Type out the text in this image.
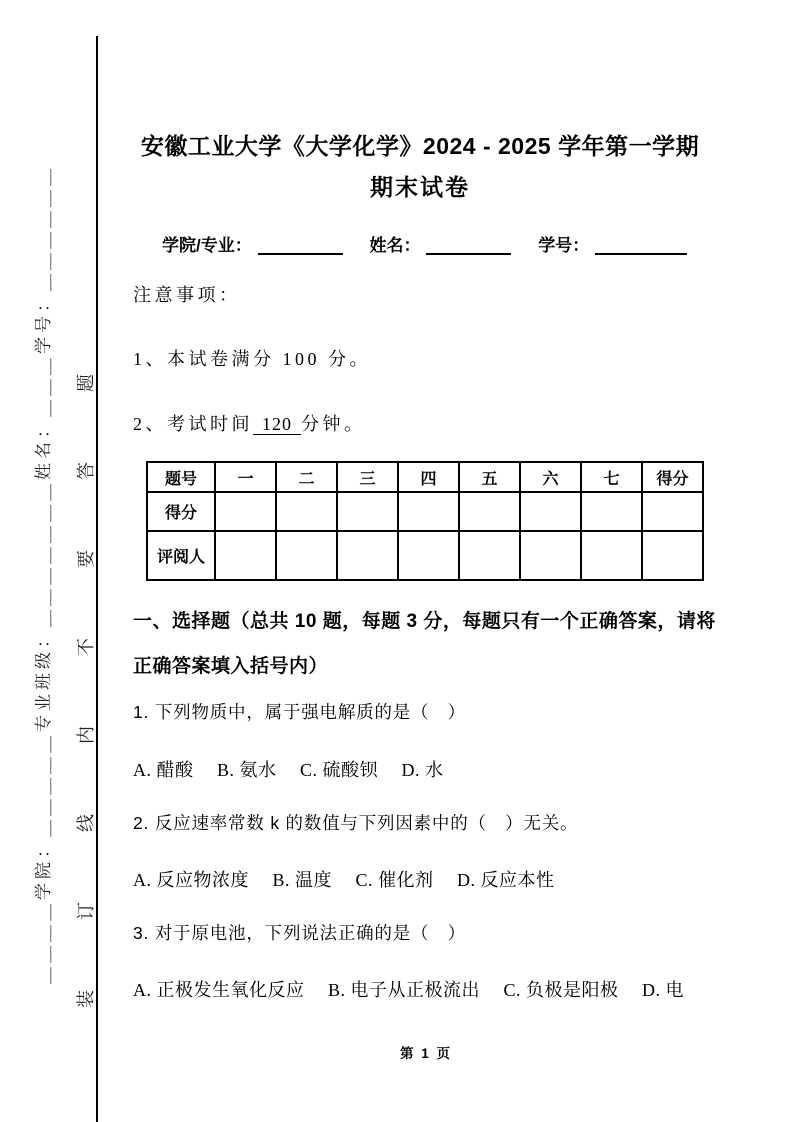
＿＿＿＿学院：＿＿＿＿＿专业班级：＿＿＿＿＿＿＿姓名：＿＿＿学号：＿＿＿＿＿＿ 装订线内不要答题
安徽工业大学《大学化学》2024 - 2025 学年第一学期
期末试卷
学院/专业：	姓名：	学号：
注意事项：
1、本试卷满分 100 分。
2、考试时间 120 分钟。
题号	一	二	三	四	五	六	七	得分
得分								
评阅人								
一、选择题（总共 10 题，每题 3 分，每题只有一个正确答案，请将
正确答案填入括号内）
1. 下列物质中，属于强电解质的是（　）
A. 醋酸　 B. 氨水　 C. 硫酸钡　 D. 水
2. 反应速率常数 k 的数值与下列因素中的（　）无关。
A. 反应物浓度　 B. 温度　 C. 催化剂　 D. 反应本性
3. 对于原电池，下列说法正确的是（　）
A. 正极发生氧化反应　 B. 电子从正极流出　 C. 负极是阳极　 D. 电
第 1 页
